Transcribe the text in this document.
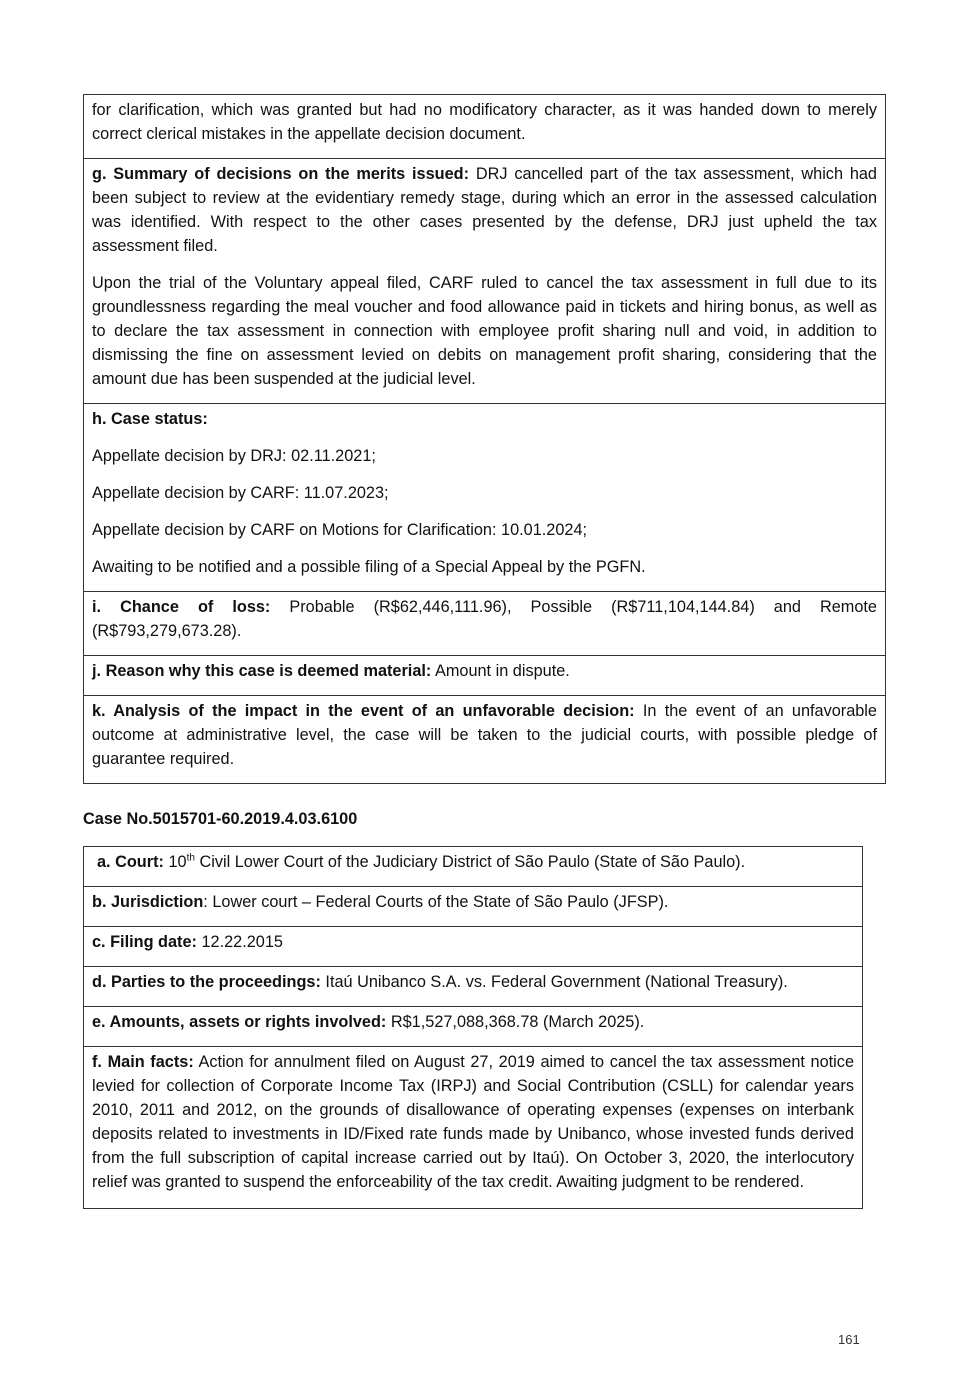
for clarification, which was granted but had no modificatory character, as it was handed down to merely correct clerical mistakes in the appellate decision document.

g. Summary of decisions on the merits issued: DRJ cancelled part of the tax assessment, which had been subject to review at the evidentiary remedy stage, during which an error in the assessed calculation was identified. With respect to the other cases presented by the defense, DRJ just upheld the tax assessment filed.

Upon the trial of the Voluntary appeal filed, CARF ruled to cancel the tax assessment in full due to its groundlessness regarding the meal voucher and food allowance paid in tickets and hiring bonus, as well as to declare the tax assessment in connection with employee profit sharing null and void, in addition to dismissing the fine on assessment levied on debits on management profit sharing, considering that the amount due has been suspended at the judicial level.

h. Case status:

Appellate decision by DRJ: 02.11.2021;

Appellate decision by CARF: 11.07.2023;

Appellate decision by CARF on Motions for Clarification: 10.01.2024;

Awaiting to be notified and a possible filing of a Special Appeal by the PGFN.

i. Chance of loss: Probable (R$62,446,111.96), Possible (R$711,104,144.84) and Remote (R$793,279,673.28).
j. Reason why this case is deemed material: Amount in dispute.
k. Analysis of the impact in the event of an unfavorable decision: In the event of an unfavorable outcome at administrative level, the case will be taken to the judicial courts, with possible pledge of guarantee required.
Case No.5015701-60.2019.4.03.6100
a. Court: 10th Civil Lower Court of the Judiciary District of São Paulo (State of São Paulo).
b. Jurisdiction: Lower court – Federal Courts of the State of São Paulo (JFSP).
c. Filing date: 12.22.2015
d. Parties to the proceedings: Itaú Unibanco S.A. vs. Federal Government (National Treasury).
e. Amounts, assets or rights involved: R$1,527,088,368.78 (March 2025).
f. Main facts: Action for annulment filed on August 27, 2019 aimed to cancel the tax assessment notice levied for collection of Corporate Income Tax (IRPJ) and Social Contribution (CSLL) for calendar years 2010, 2011 and 2012, on the grounds of disallowance of operating expenses (expenses on interbank deposits related to investments in ID/Fixed rate funds made by Unibanco, whose invested funds derived from the full subscription of capital increase carried out by Itaú). On October 3, 2020, the interlocutory relief was granted to suspend the enforceability of the tax credit. Awaiting judgment to be rendered.
161
